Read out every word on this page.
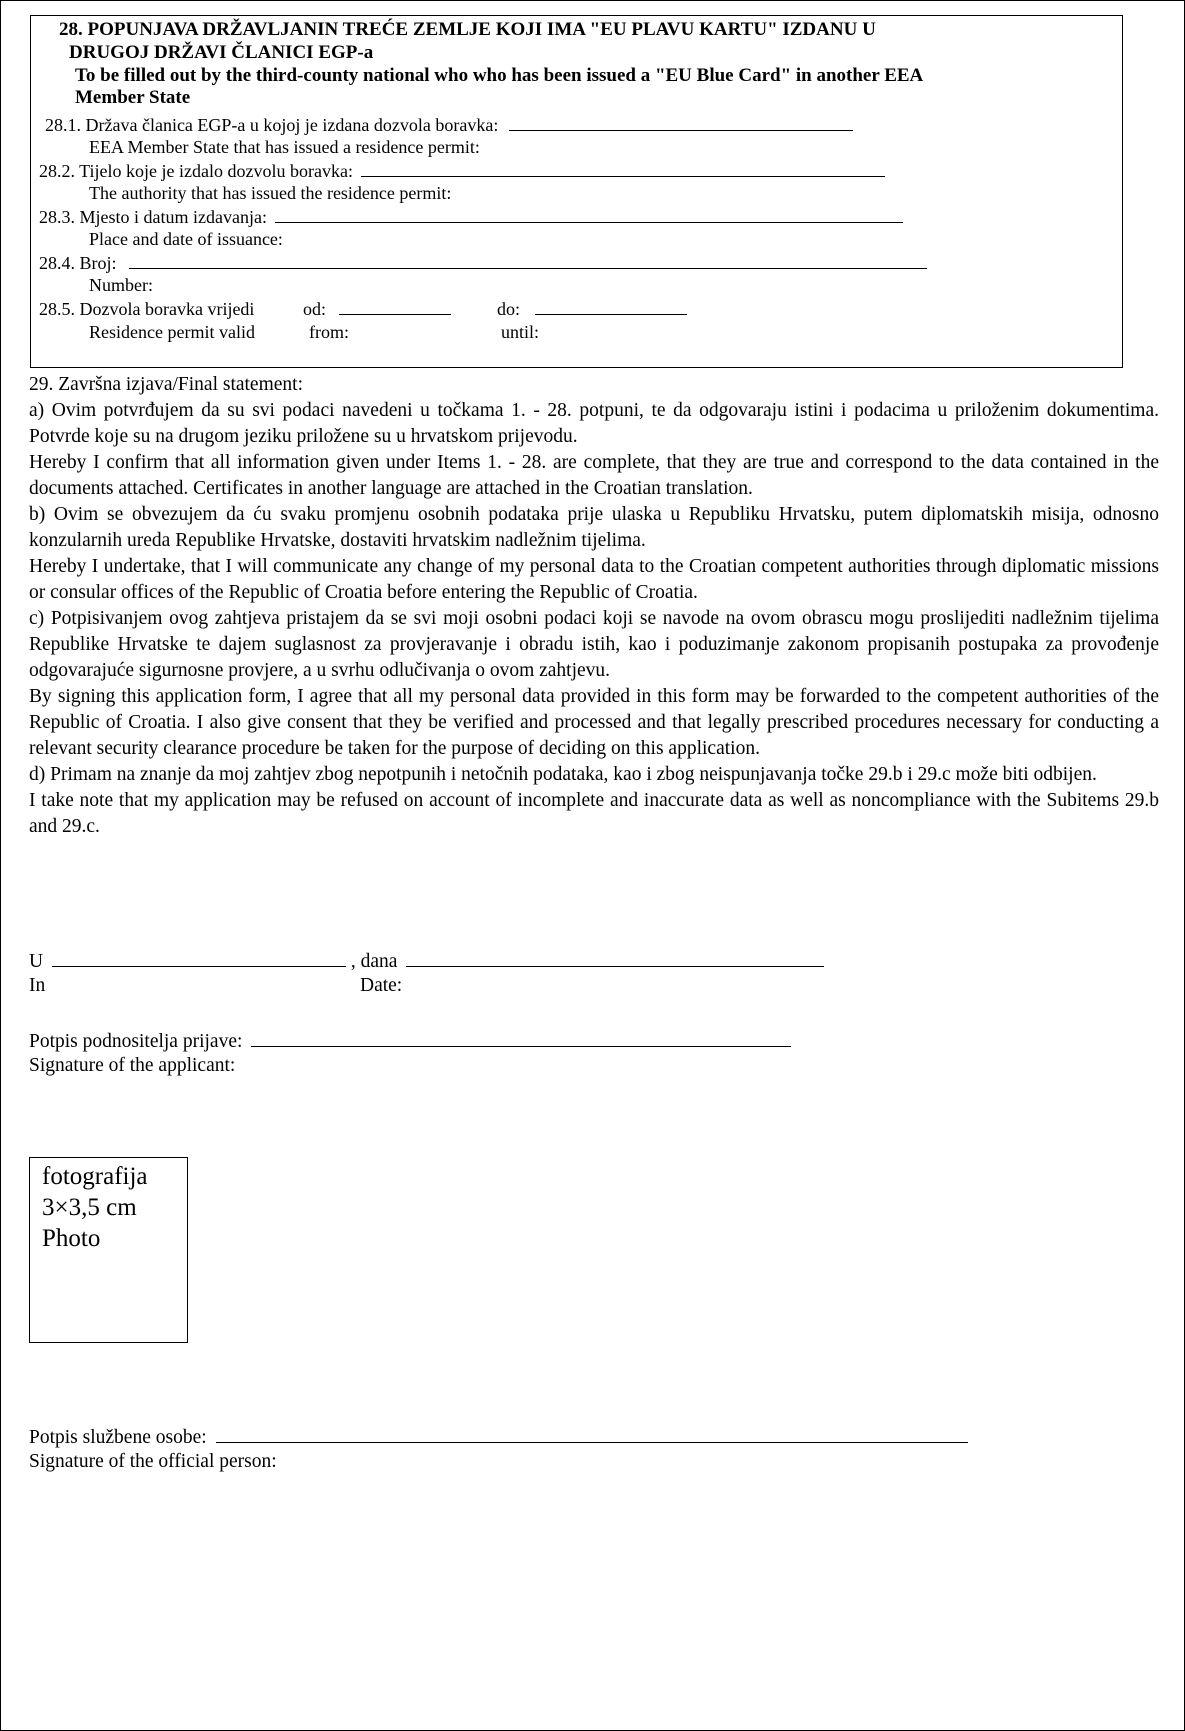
28. POPUNJAVA DRŽAVLJANIN TREĆE ZEMLJE KOJI IMA "EU PLAVU KARTU" IZDANU U
DRUGOJ DRŽAVI ČLANICI EGP-a
To be filled out by the third-county national who who has been issued a "EU Blue Card" in another EEA
Member State
28.1. Država članica EGP-a u kojoj je izdana dozvola boravka:
EEA Member State that has issued a residence permit:
28.2. Tijelo koje je izdalo dozvolu boravka:
The authority that has issued the residence permit:
28.3. Mjesto i datum izdavanja:
Place and date of issuance:
28.4. Broj:
Number:
28.5. Dozvola boravka vrijedi	od:	do:
Residence permit valid	from:	until:

29. Završna izjava/Final statement:

a) Ovim potvrđujem da su svi podaci navedeni u točkama 1. - 28. potpuni, te da odgovaraju istini i podacima u priloženim dokumentima. Potvrde koje su na drugom jeziku priložene su u hrvatskom prijevodu.

Hereby I confirm that all information given under Items 1. - 28. are complete, that they are true and correspond to the data contained in the documents attached. Certificates in another language are attached in the Croatian translation.

b) Ovim se obvezujem da ću svaku promjenu osobnih podataka prije ulaska u Republiku Hrvatsku, putem diplomatskih misija, odnosno konzularnih ureda Republike Hrvatske, dostaviti hrvatskim nadležnim tijelima.

Hereby I undertake, that I will communicate any change of my personal data to the Croatian competent authorities through diplomatic missions or consular offices of the Republic of Croatia before entering the Republic of Croatia.

c) Potpisivanjem ovog zahtjeva pristajem da se svi moji osobni podaci koji se navode na ovom obrascu mogu proslijediti nadležnim tijelima Republike Hrvatske te dajem suglasnost za provjeravanje i obradu istih, kao i poduzimanje zakonom propisanih postupaka za provođenje odgovarajuće sigurnosne provjere, a u svrhu odlučivanja o ovom zahtjevu.

By signing this application form, I agree that all my personal data provided in this form may be forwarded to the competent authorities of the Republic of Croatia. I also give consent that they be verified and processed and that legally prescribed procedures necessary for conducting a relevant security clearance procedure be taken for the purpose of deciding on this application.

d) Primam na znanje da moj zahtjev zbog nepotpunih i netočnih podataka, kao i zbog neispunjavanja točke 29.b i 29.c može biti odbijen.

I take note that my application may be refused on account of incomplete and inaccurate data as well as noncompliance with the Subitems 29.b and 29.c.

U	, dana
In	Date:
Potpis podnositelja prijave:
Signature of the applicant:
fotografija
3×3,5 cm
Photo
Potpis službene osobe:
Signature of the official person:
